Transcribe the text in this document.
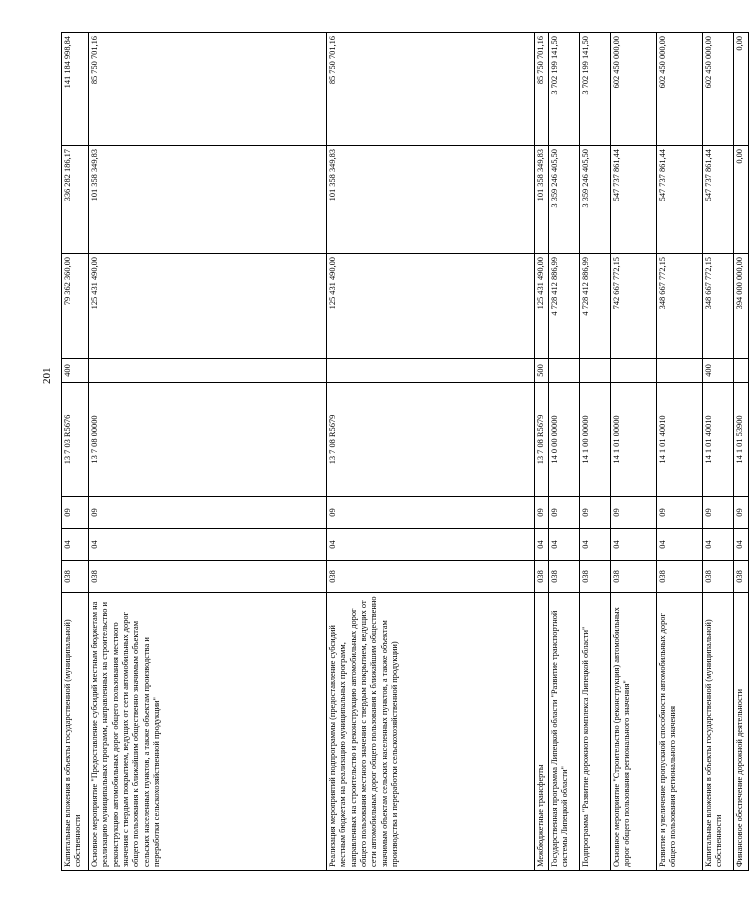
201
Капитальные вложения в объекты государственной (муниципальной) собственности	038	04	09	13 7 03 R5676	400	79 362 360,00	336 282 186,17	141 184 998,84
Основное мероприятие "Предоставление субсидий местным бюджетам на реализацию муниципальных программ, направленных на строительство и реконструкцию автомобильных дорог общего пользования местного значения с твердым покрытием, ведущих от сети автомобильных дорог общего пользования к ближайшим общественно значимым объектам сельских населенных пунктов, а также объектам производства и переработки сельскохозяйственной продукции"	038	04	09	13 7 08 00000		125 431 490,00	101 358 349,83	85 750 701,16
Реализация мероприятий подпрограммы (предоставление субсидий местным бюджетам на реализацию муниципальных программ, направленных на строительство и реконструкцию автомобильных дорог общего пользования местного значения с твердым покрытием, ведущих от сети автомобильных дорог общего пользования к ближайшим общественно значимым объектам сельских населенных пунктов, а также объектам производства и переработки сельскохозяйственной продукции)	038	04	09	13 7 08 R5679		125 431 490,00	101 358 349,83	85 750 701,16
Межбюджетные трансферты	038	04	09	13 7 08 R5679	500	125 431 490,00	101 358 349,83	85 750 701,16
Государственная программа Липецкой области "Развитие транспортной системы Липецкой области"	038	04	09	14 0 00 00000		4 728 412 886,99	3 359 246 405,50	3 702 199 141,50
Подпрограмма "Развитие дорожного комплекса Липецкой области"	038	04	09	14 1 00 00000		4 728 412 886,99	3 359 246 405,50	3 702 199 141,50
Основное мероприятие "Строительство (реконструкция) автомобильных дорог общего пользования регионального значения"	038	04	09	14 1 01 00000		742 667 772,15	547 737 861,44	602 450 000,00
Развитие и увеличение пропускной способности автомобильных дорог общего пользования регионального значения	038	04	09	14 1 01 40010		348 667 772,15	547 737 861,44	602 450 000,00
Капитальные вложения в объекты государственной (муниципальной) собственности	038	04	09	14 1 01 40010	400	348 667 772,15	547 737 861,44	602 450 000,00
Финансовое обеспечение дорожной деятельности	038	04	09	14 1 01 53900		394 000 000,00	0,00	0,00
